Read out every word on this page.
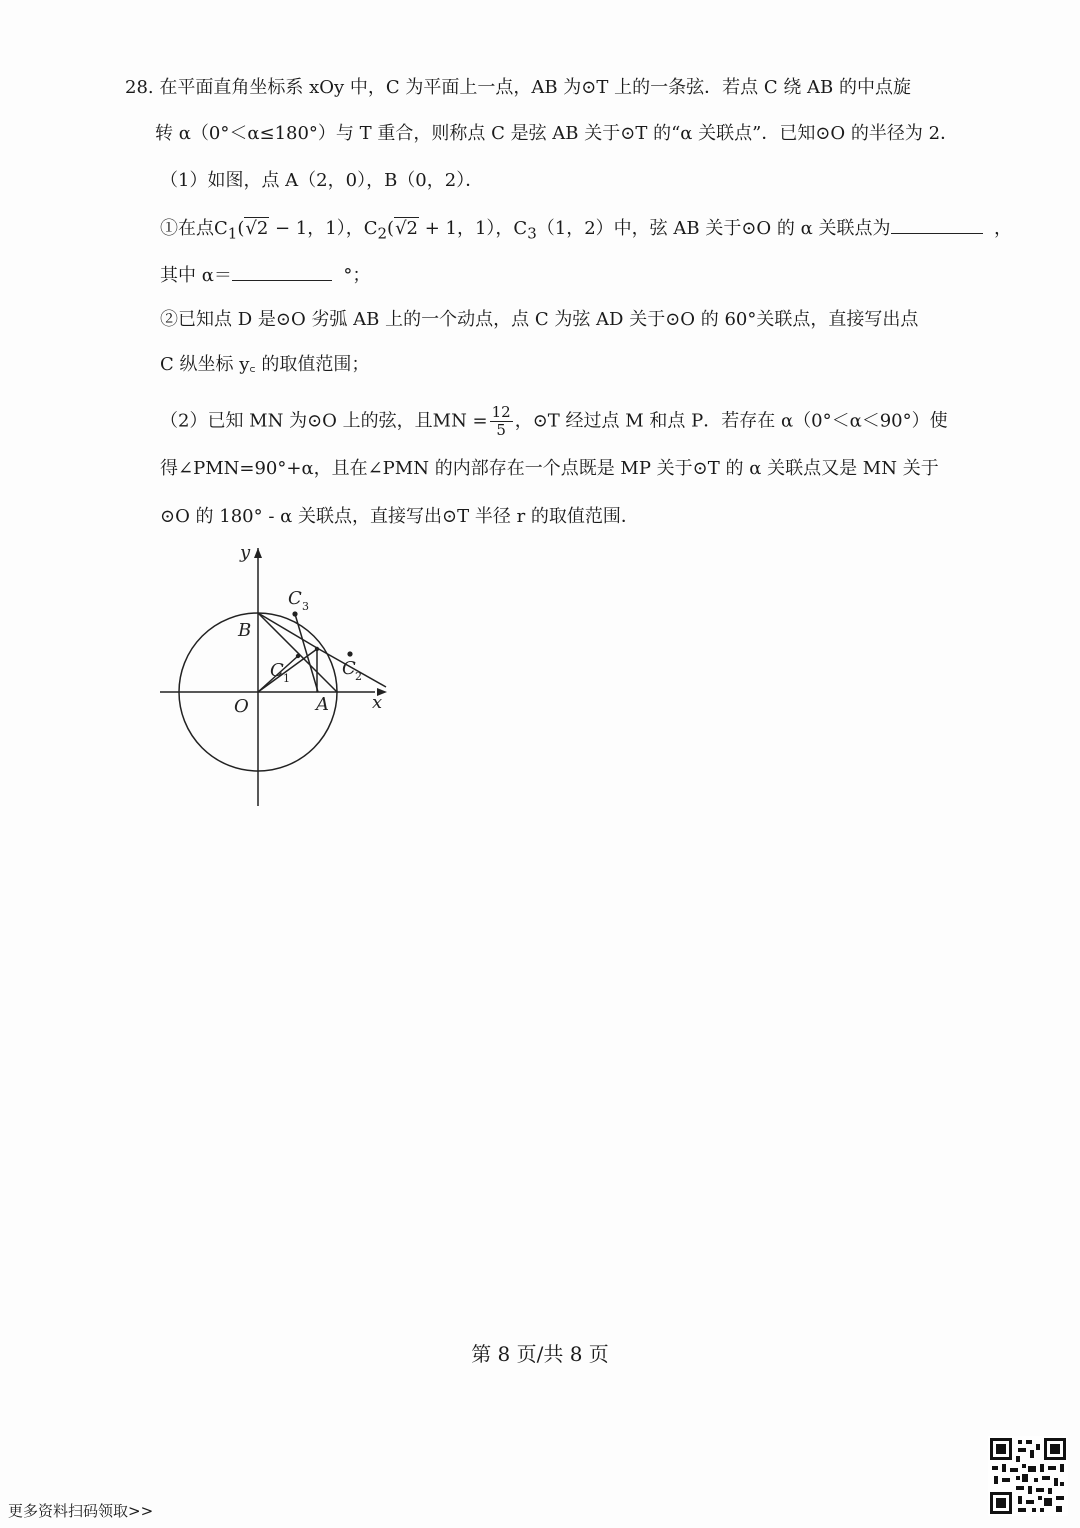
28. 在平面直角坐标系 xOy 中，C 为平面上一点，AB 为⊙T 上的一条弦．若点 C 绕 AB 的中点旋
转 α（0°＜α≤180°）与 T 重合，则称点 C 是弦 AB 关于⊙T 的“α 关联点”．已知⊙O 的半径为 2．
（1）如图，点 A（2，0），B（0，2）．
①在点$C_1(√2 - 1$，1），$C_2(√2 + 1$，1），$C_3(1$，2）中，弦 AB 关于⊙O 的 α 关联点为	，
其中 α＝	°；
②已知点 D 是⊙O 劣弧 AB 上的一个动点，点 C 为弦 AD 关于⊙O 的 60°关联点，直接写出点
C 纵坐标 y꜀ 的取值范围；
（2）已知 MN 为⊙O 上的弦，且MN = $\frac{12}{5}$ ，⊙T 经过点 M 和点 P．若存在 α（0°＜α＜90°）使
得∠PMN=90°+α，且在∠PMN 的内部存在一个点既是 MP 关于⊙T 的 α 关联点又是 MN 关于
⊙O 的 180° - α 关联点，直接写出⊙T 半径 r 的取值范围．
y
x
O	A
B
C 3
C 1	C 2
第 8 页/共 8 页
更多资料扫码领取>>
